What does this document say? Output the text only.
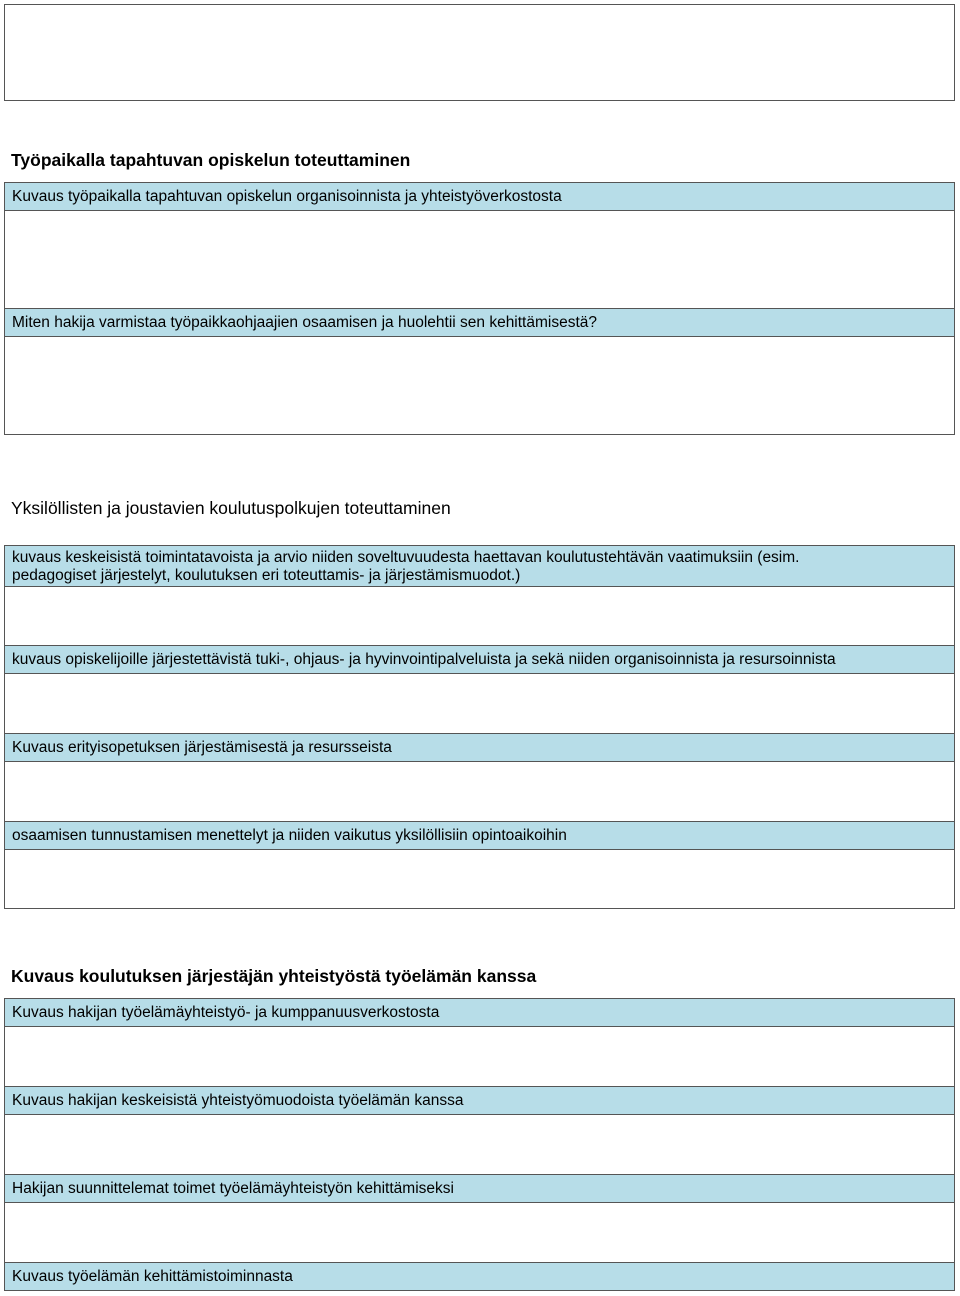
Työpaikalla tapahtuvan opiskelun toteuttaminen
Kuvaus työpaikalla tapahtuvan opiskelun organisoinnista ja yhteistyöverkostosta
Miten hakija varmistaa työpaikkaohjaajien osaamisen ja huolehtii sen kehittämisestä?
Yksilöllisten ja joustavien koulutuspolkujen toteuttaminen
kuvaus keskeisistä toimintatavoista ja arvio niiden soveltuvuudesta haettavan koulutustehtävän vaatimuksiin (esim.
pedagogiset järjestelyt, koulutuksen eri toteuttamis- ja järjestämismuodot.)
kuvaus opiskelijoille järjestettävistä tuki-, ohjaus- ja hyvinvointipalveluista ja sekä niiden organisoinnista ja resursoinnista
Kuvaus erityisopetuksen järjestämisestä ja resursseista
osaamisen tunnustamisen menettelyt ja niiden vaikutus yksilöllisiin opintoaikoihin
Kuvaus koulutuksen järjestäjän yhteistyöstä työelämän kanssa
Kuvaus hakijan työelämäyhteistyö- ja kumppanuusverkostosta
Kuvaus hakijan keskeisistä yhteistyömuodoista työelämän kanssa
Hakijan suunnittelemat toimet työelämäyhteistyön kehittämiseksi
Kuvaus työelämän kehittämistoiminnasta
